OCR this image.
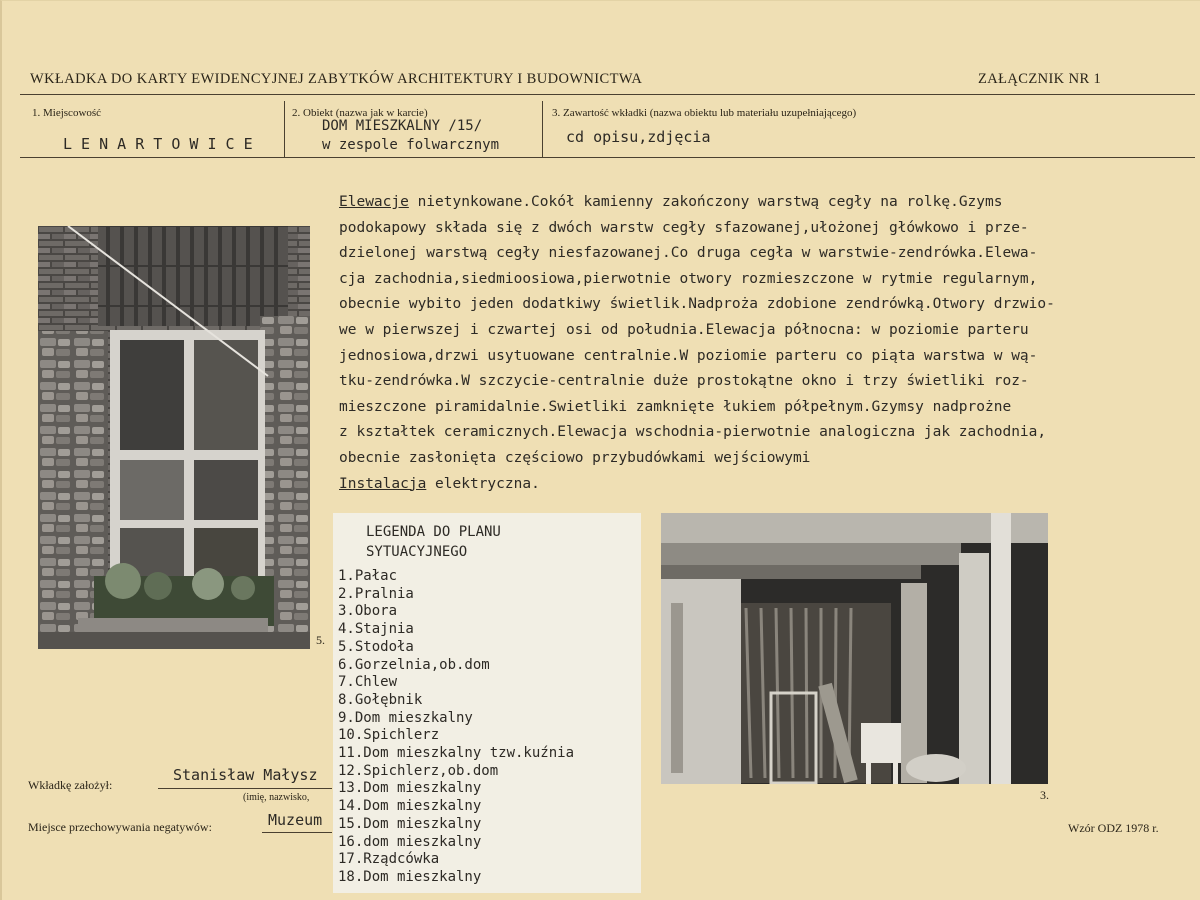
WKŁADKA DO KARTY EWIDENCYJNEJ ZABYTKÓW ARCHITEKTURY I BUDOWNICTWA	ZAŁĄCZNIK NR 1
1. Miejscowość
L E N A R T O W I C E
2. Obiekt (nazwa jak w karcie)
DOM MIESZKALNY /15/
w zespole folwarcznym
3. Zawartość wkładki (nazwa obiektu lub materiału uzupełniającego)
cd opisu,zdjęcia
Elewacje nietynkowane.Cokół kamienny zakończony warstwą cegły na rolkę.Gzyms
podokapowy składa się z dwóch warstw cegły sfazowanej,ułożonej główkowo i prze-
dzielonej warstwą cegły niesfazowanej.Co druga cegła w warstwie-zendrówka.Elewa-
cja zachodnia,siedmioosiowa,pierwotnie otwory rozmieszczone w rytmie regularnym,
obecnie wybito jeden dodatkiwy świetlik.Nadproża zdobione zendrówką.Otwory drzwio-
we w pierwszej i czwartej osi od południa.Elewacja północna: w poziomie parteru
jednosiowa,drzwi usytuowane centralnie.W poziomie parteru co piąta warstwa w wą-
tku-zendrówka.W szczycie-centralnie duże prostokątne okno i trzy świetliki roz-
mieszczone piramidalnie.Swietliki zamknięte łukiem półpełnym.Gzymsy nadprożne
z kształtek ceramicznych.Elewacja wschodnia-pierwotnie analogiczna jak zachodnia,
obecnie zasłonięta częściowo przybudówkami wejściowymi
Instalacja elektryczna.
5.
LEGENDA DO PLANU
SYTUACYJNEGO
1.Pałac
2.Pralnia
3.Obora
4.Stajnia
5.Stodoła
6.Gorzelnia,ob.dom
7.Chlew
8.Gołębnik
9.Dom mieszkalny
10.Spichlerz
11.Dom mieszkalny tzw.kuźnia
12.Spichlerz,ob.dom
13.Dom mieszkalny
14.Dom mieszkalny
15.Dom mieszkalny
16.dom mieszkalny
17.Rządcówka
18.Dom mieszkalny
3.
Wkładkę założył:
Stanisław Małysz
(imię, nazwisko,
Miejsce przechowywania negatywów:	Muzeum	Wzór ODZ 1978 r.
